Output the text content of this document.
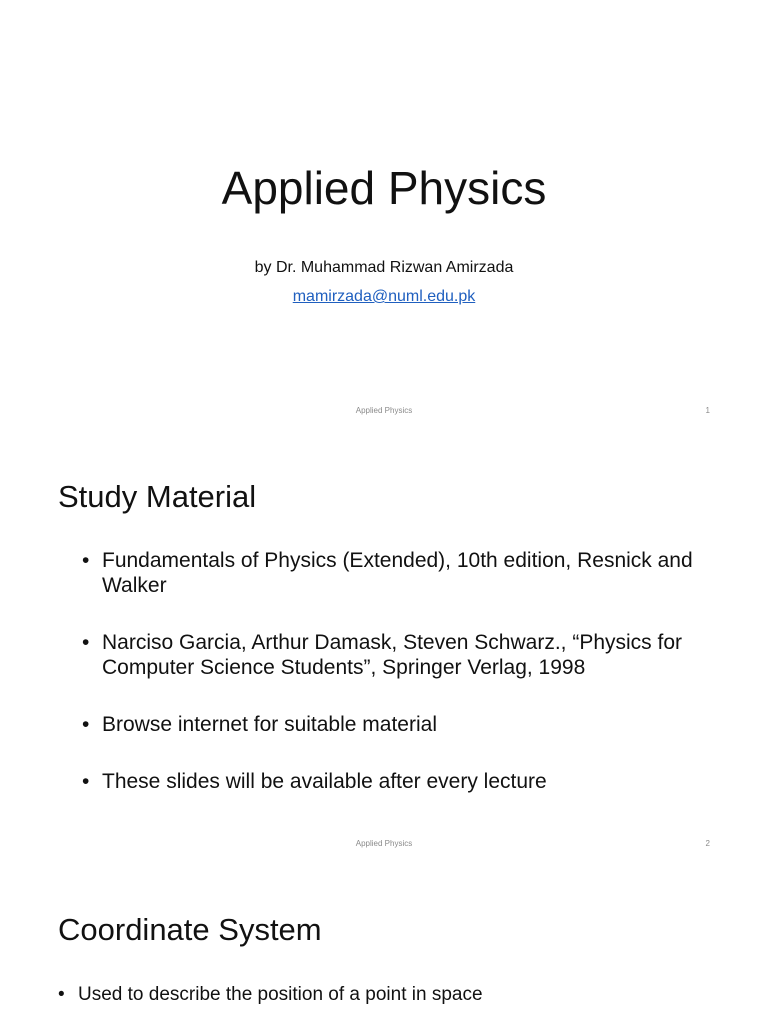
Applied Physics
by Dr. Muhammad Rizwan Amirzada
mamirzada@numl.edu.pk
Applied Physics	1
Study Material
• Fundamentals of Physics (Extended), 10th edition, Resnick and Walker
• Narciso Garcia, Arthur Damask, Steven Schwarz., “Physics for Computer Science Students”, Springer Verlag, 1998
• Browse internet for suitable material
• These slides will be available after every lecture
Applied Physics	2
Coordinate System
• Used to describe the position of a point in space
